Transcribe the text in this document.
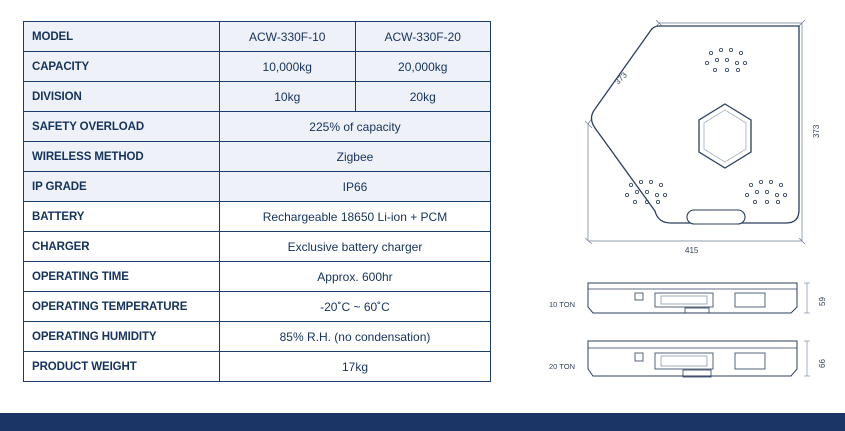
MODEL	ACW-330F-10	ACW-330F-20
CAPACITY	10,000kg	20,000kg
DIVISION	10kg	20kg
SAFETY OVERLOAD	225% of capacity	
WIRELESS METHOD	Zigbee	
IP GRADE	IP66	
BATTERY	Rechargeable 18650 Li-ion + PCM	
CHARGER	Exclusive battery charger	
OPERATING TIME	Approx. 600hr	
OPERATING TEMPERATURE	-20˚C ~ 60˚C	
OPERATING HUMIDITY	85% R.H. (no condensation)	
PRODUCT WEIGHT	17kg	
373
373
415
10 TON	59
20 TON	66
